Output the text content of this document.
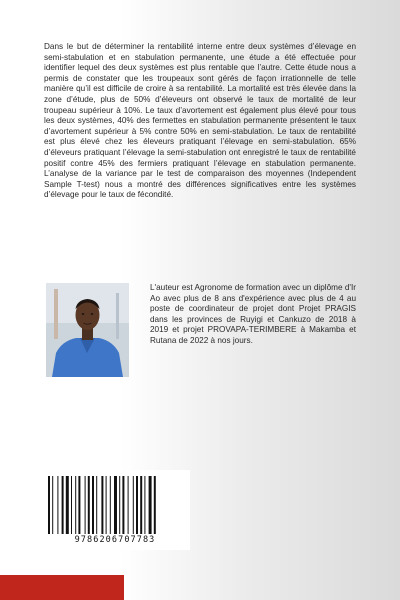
Dans le but de déterminer la rentabilité interne entre deux systèmes d’élevage en semi-stabulation et en stabulation permanente, une étude a été effectuée pour identifier lequel des deux systèmes est plus rentable que l’autre. Cette étude nous a permis de constater que les troupeaux sont gérés de façon irrationnelle de telle manière qu’il est difficile de croire à sa rentabilité. La mortalité est très élevée dans la zone d’étude, plus de 50% d’éleveurs ont observé le taux de mortalité de leur troupeau supérieur à 10%. Le taux d’avortement est également plus élevé pour tous les deux systèmes, 40% des fermettes en stabulation permanente présentent le taux d’avortement supérieur à 5% contre 50% en semi-stabulation. Le taux de rentabilité est plus élevé chez les éleveurs pratiquant l’élevage en semi-stabulation. 65% d’éleveurs pratiquant l’élevage la semi-stabulation ont enregistré le taux de rentabilité positif contre 45% des fermiers pratiquant l’élevage en stabulation permanente. L’analyse de la variance par le test de comparaison des moyennes (Independent Sample T-test) nous a montré des différences significatives entre les systèmes d’élevage pour le taux de fécondité.

L'auteur est Agronome de formation avec un diplôme d'Ir Ao avec plus de 8 ans d'expérience avec plus de 4 au poste de coordinateur de projet dont Projet PRAGIS dans les provinces de Ruyigi et Cankuzo de 2018 à 2019 et projet PROVAPA-TERIMBERE à Makamba et Rutana de 2022 à nos jours.

9786206707783
